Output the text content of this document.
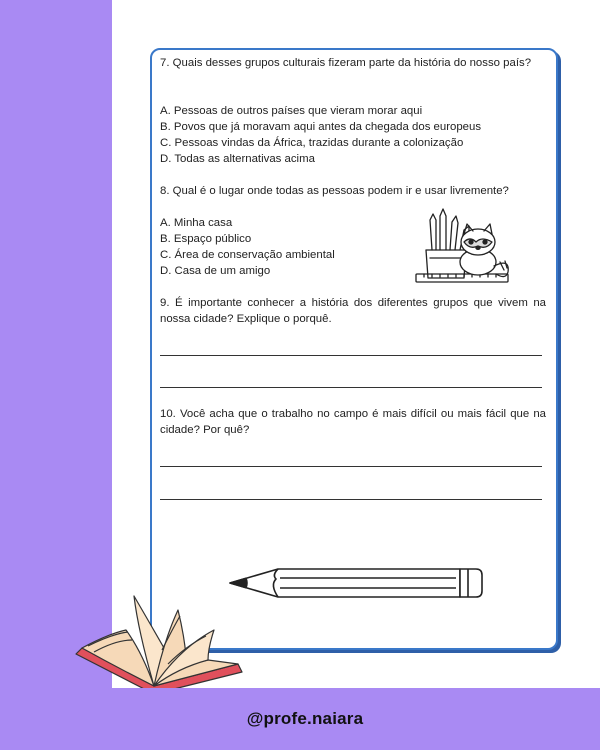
7. Quais desses grupos culturais fizeram parte da história do nosso país?
A. Pessoas de outros países que vieram morar aqui
B. Povos que já moravam aqui antes da chegada dos europeus
C. Pessoas vindas da África, trazidas durante a colonização
D. Todas as alternativas acima
8. Qual é o lugar onde todas as pessoas podem ir e usar livremente?
A. Minha casa
B. Espaço público
C. Área de conservação ambiental
D. Casa de um amigo
9. É importante conhecer a história dos diferentes grupos que vivem na nossa cidade? Explique o porquê.
10. Você acha que o trabalho no campo é mais difícil ou mais fácil que na cidade? Por quê?
@profe.naiara
